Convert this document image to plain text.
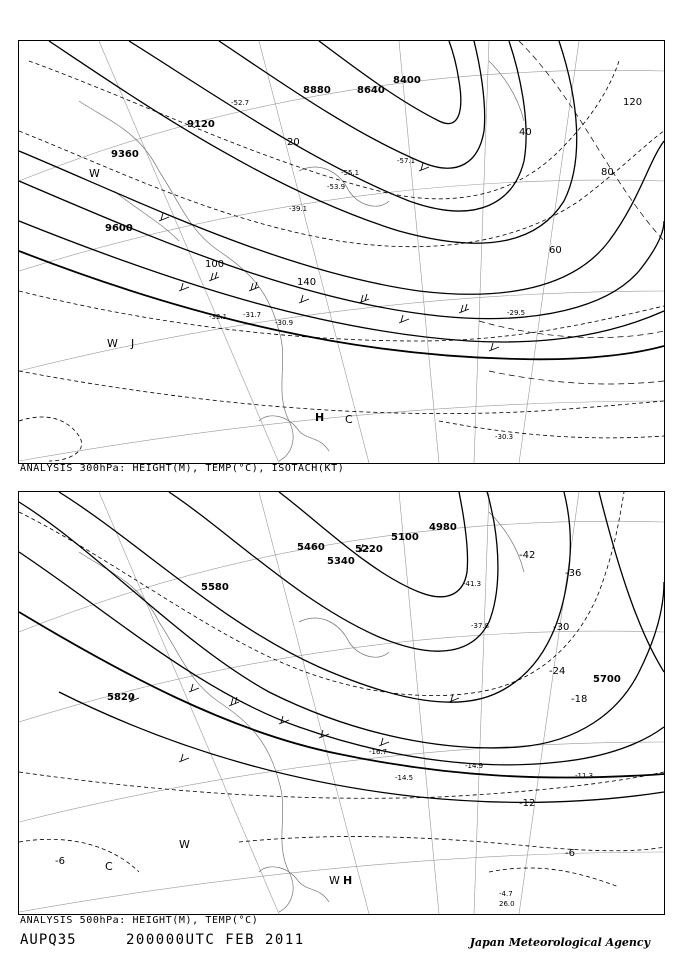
9120
9360
9600
8880	8640
8400
20
40
60
80
100
120
140
-52.7
-53.9
-55.1
-57.1
-32.1
-30.9
-29.5
-30.3
-39.1
-31.7
H C
W
J
W
ANALYSIS 300hPa: HEIGHT(M), TEMP(°C), ISOTACH(KT)
5460
5580
5820
4980
5100
5220
5340
5700
-42
-36
-30
-24
-18
-12
-6
-6
-14.9
-11.3
-14.5
-16.7
-4.7
26.0
-41.3
-37.8
W H
C
W
ANALYSIS 500hPa: HEIGHT(M), TEMP(°C)
AUPQ35	200000UTC FEB 2011	Japan Meteorological Agency
